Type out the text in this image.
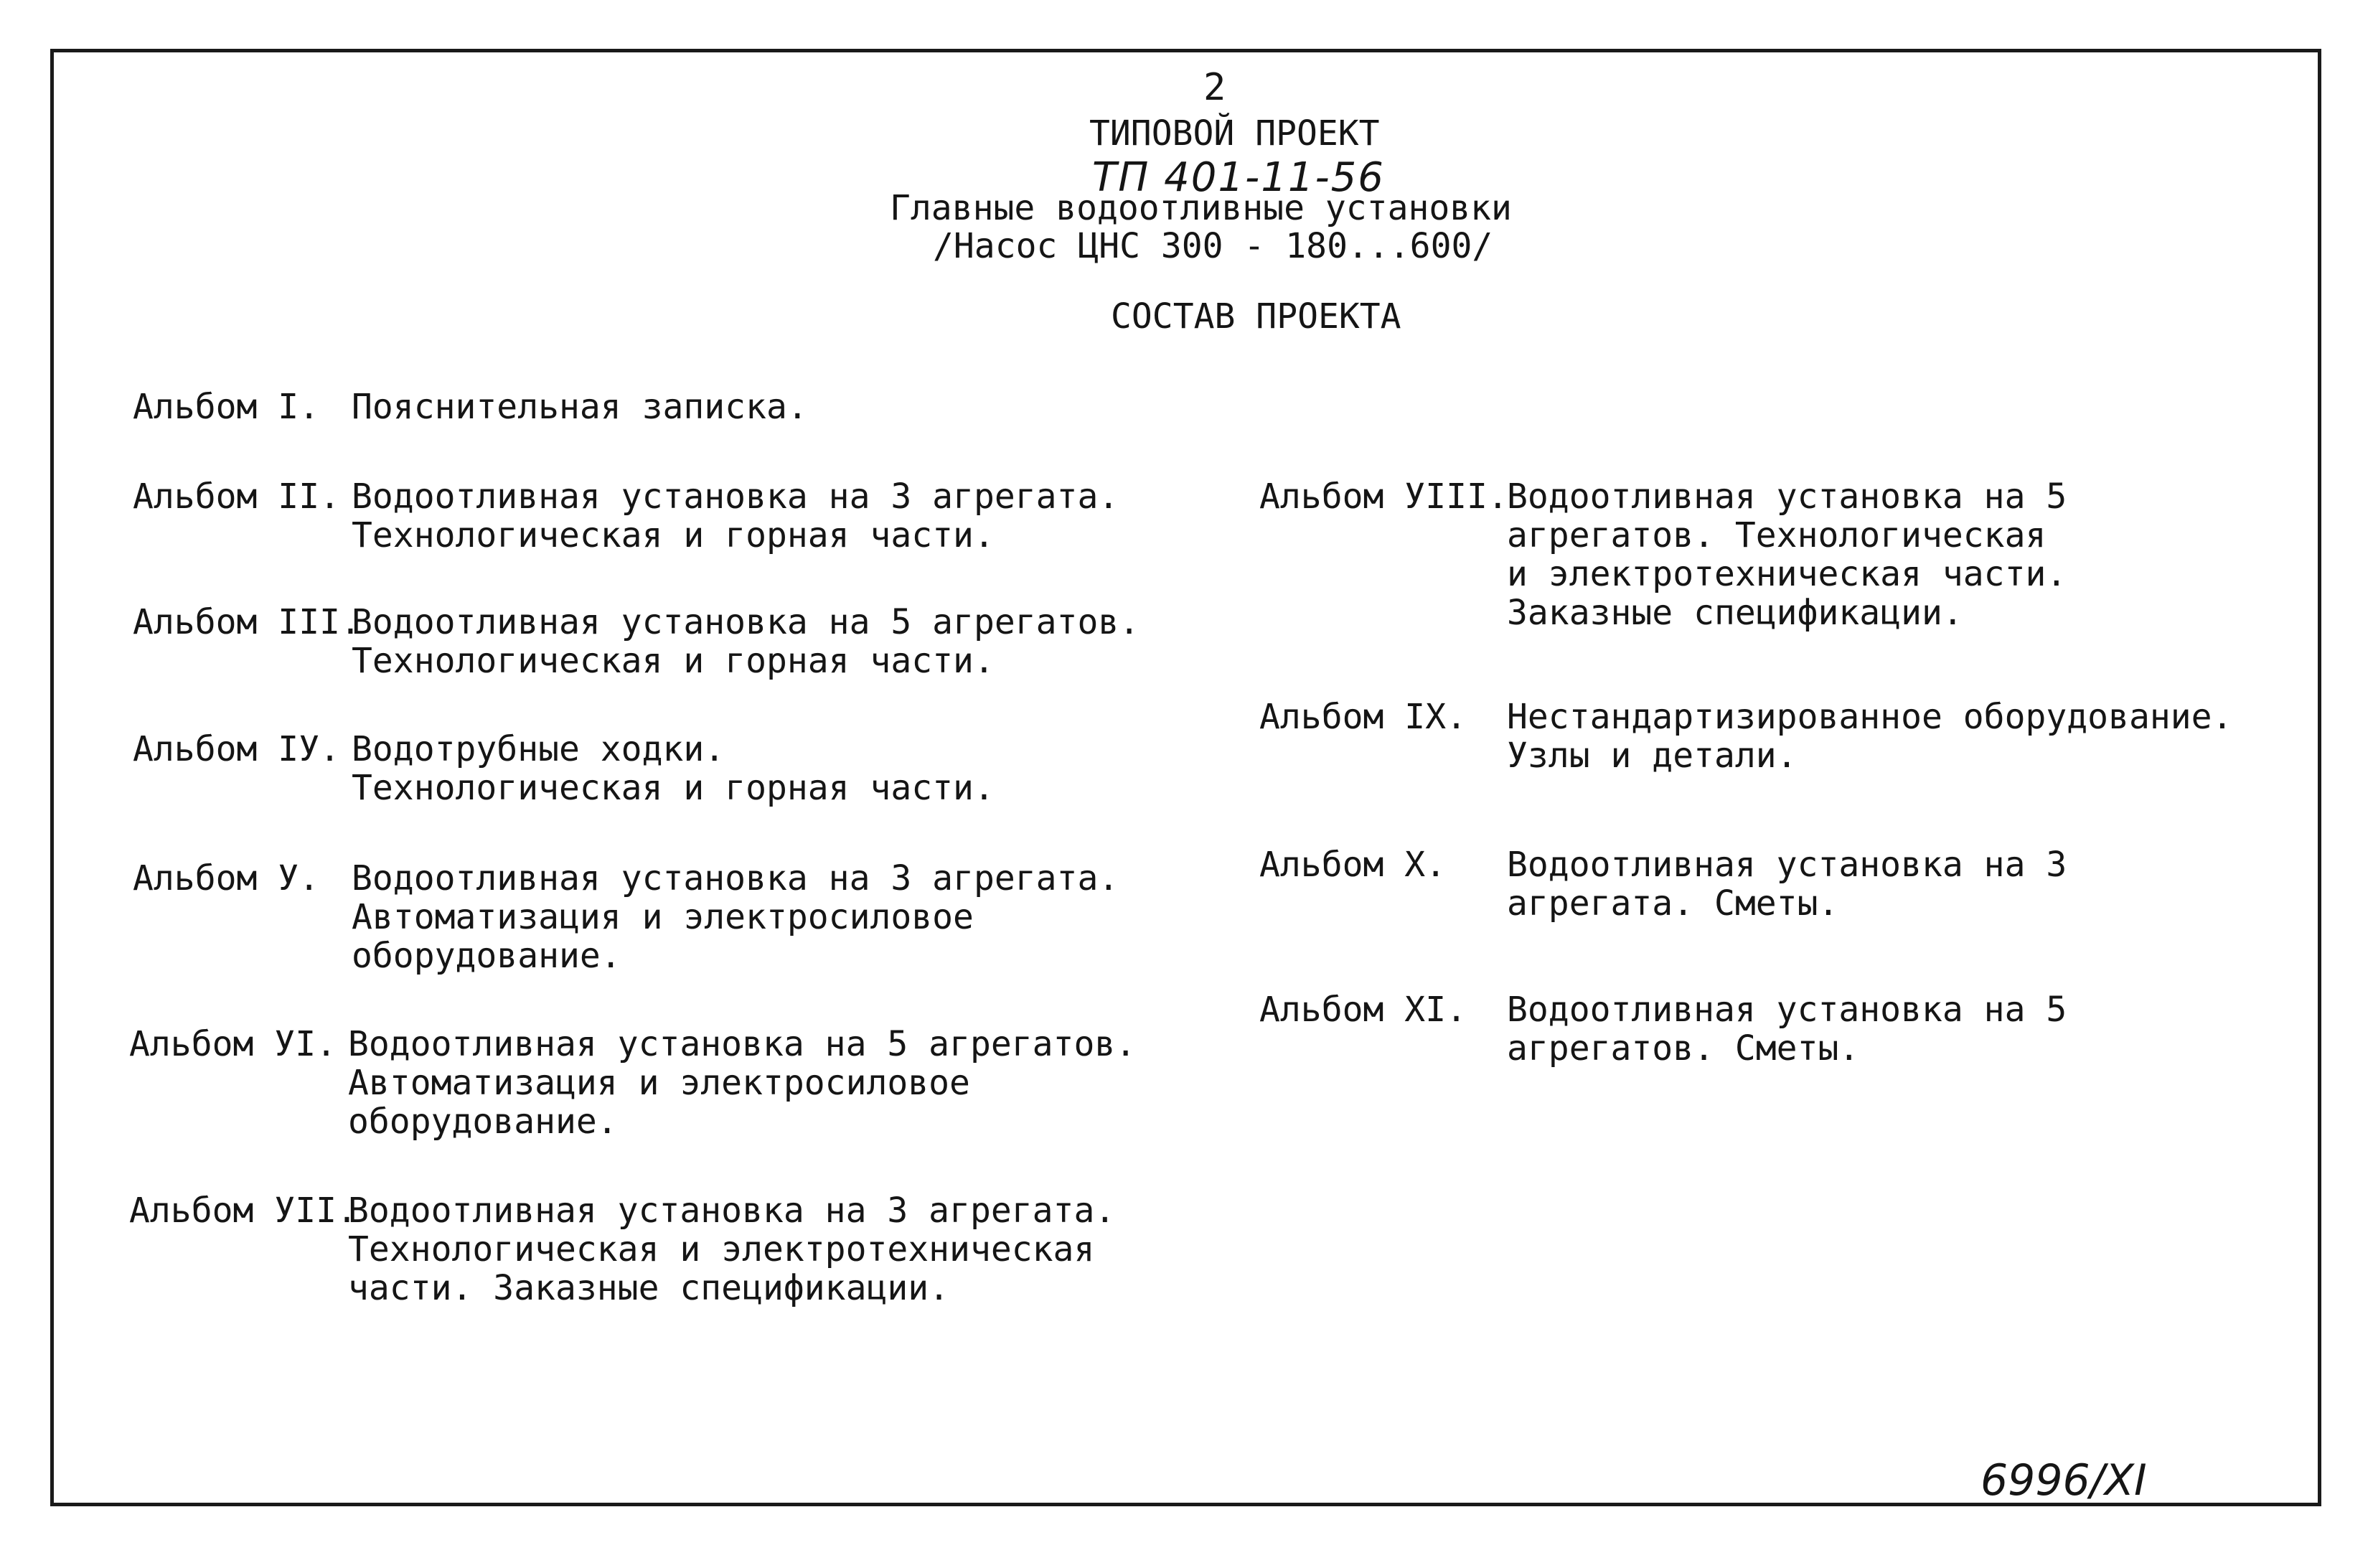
2
ТИПОВОЙ ПРОЕКТ
ТП 401-11-56
Главные водоотливные установки
/Насос ЦНС 300 - 180...600/
СОСТАВ ПРОЕКТА
Альбом I. Пояснительная записка.
Альбом II. Водоотливная установка на 3 агрегата.
Технологическая и горная части.
Альбом III.
Водоотливная установка на 5 агрегатов.
Технологическая и горная части.
Альбом IУ. Водотрубные ходки.
Технологическая и горная части.
Альбом У. Водоотливная установка на 3 агрегата.
Автоматизация и электросиловое
оборудование.
Альбом УI. Водоотливная установка на 5 агрегатов.
Автоматизация и электросиловое
оборудование.
Альбом УII.
Водоотливная установка на 3 агрегата.
Технологическая и электротехническая
части. Заказные спецификации.
Альбом УIII.
Водоотливная установка на 5
агрегатов. Технологическая
и электротехническая части.
Заказные спецификации.
Альбом IX. Нестандартизированное оборудование.
Узлы и детали.
Альбом X. Водоотливная установка на 3
агрегата. Сметы.
Альбом XI. Водоотливная установка на 5
агрегатов. Сметы.
6996/XI
